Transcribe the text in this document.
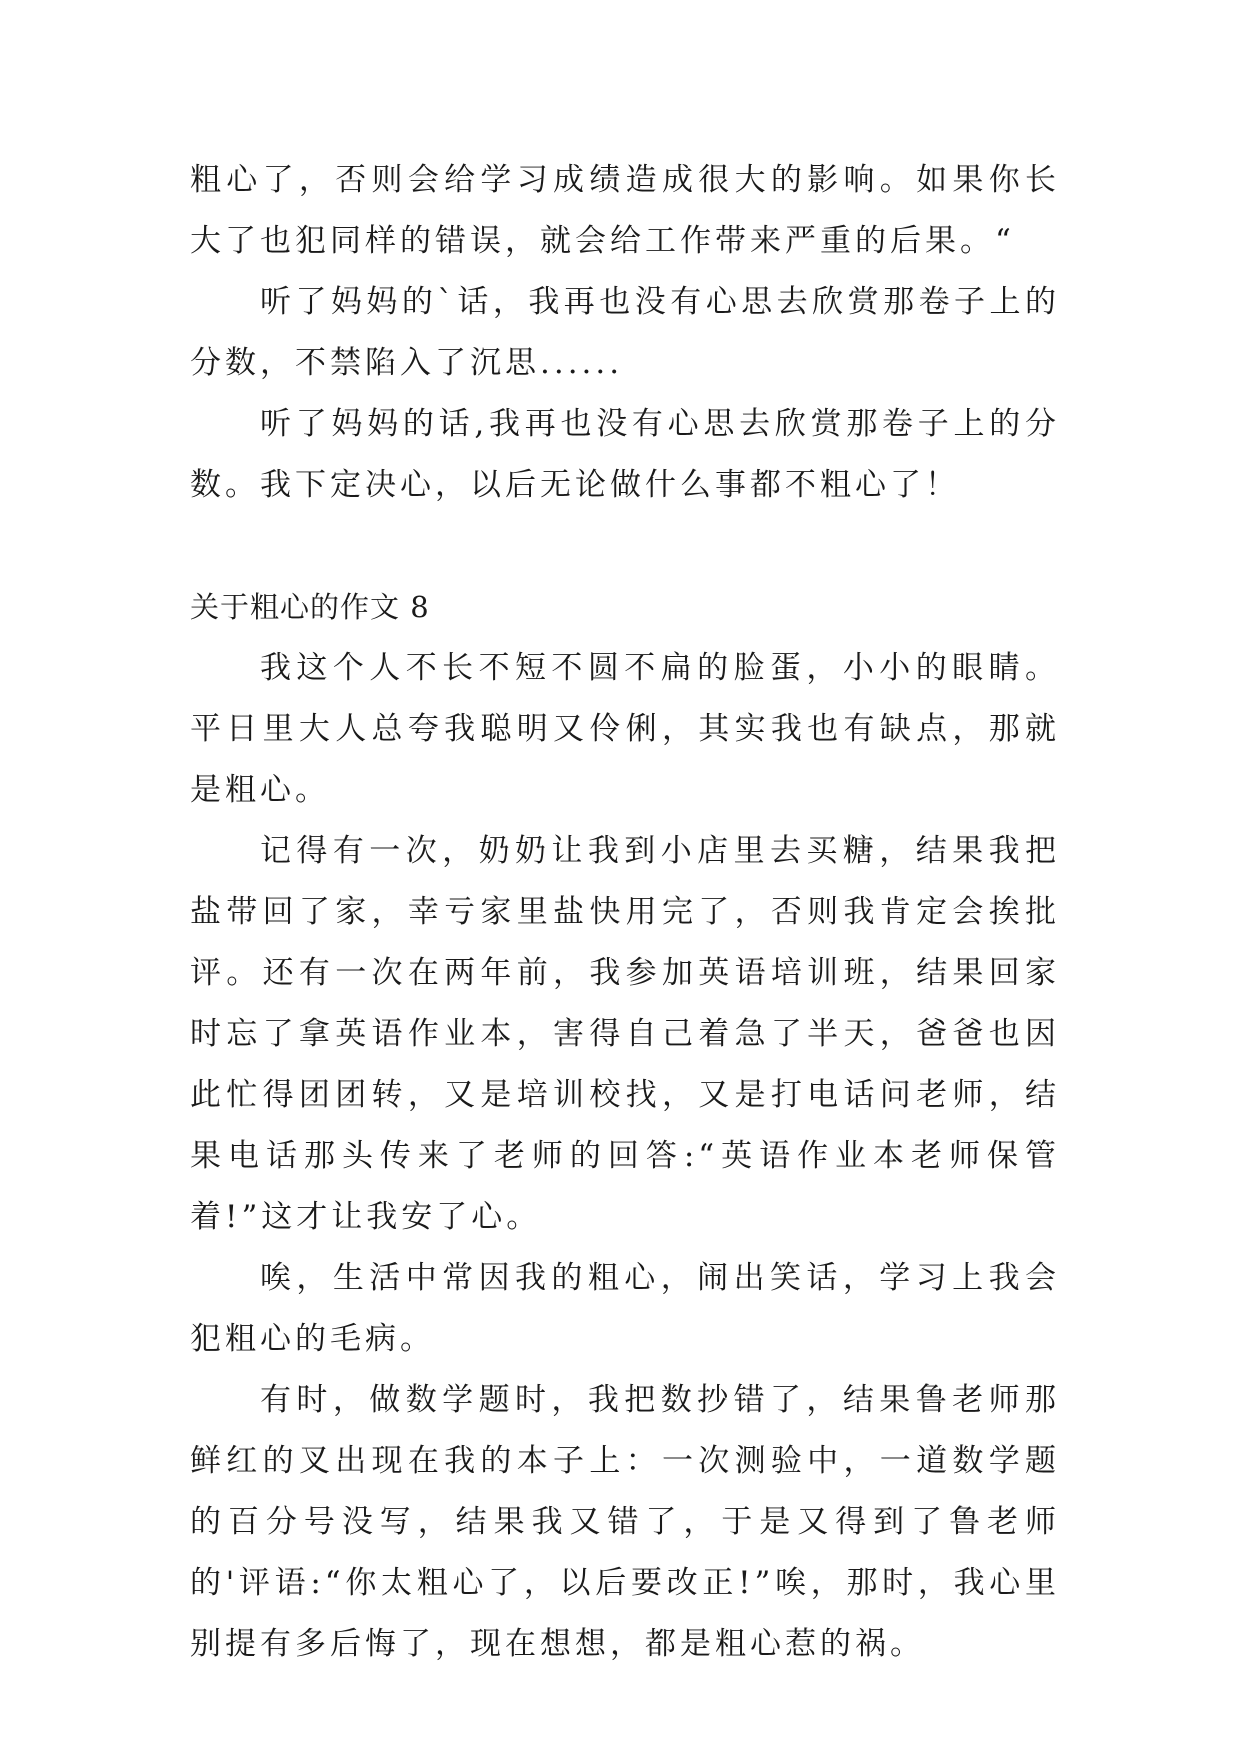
粗心了，否则会给学习成绩造成很大的影响。如果你长大了也犯同样的错误，就会给工作带来严重的后果。“

听了妈妈的`话，我再也没有心思去欣赏那卷子上的分数，不禁陷入了沉思......

听了妈妈的话,我再也没有心思去欣赏那卷子上的分数。我下定决心，以后无论做什么事都不粗心了！

关于粗心的作文 8

我这个人不长不短不圆不扁的脸蛋，小小的眼睛。平日里大人总夸我聪明又伶俐，其实我也有缺点，那就是粗心。

记得有一次，奶奶让我到小店里去买糖，结果我把盐带回了家，幸亏家里盐快用完了，否则我肯定会挨批评。还有一次在两年前，我参加英语培训班，结果回家时忘了拿英语作业本，害得自己着急了半天，爸爸也因此忙得团团转，又是培训校找，又是打电话问老师，结果电话那头传来了老师的回答:“英语作业本老师保管着!”这才让我安了心。

唉，生活中常因我的粗心，闹出笑话，学习上我会犯粗心的毛病。

有时，做数学题时，我把数抄错了，结果鲁老师那鲜红的叉出现在我的本子上：一次测验中，一道数学题的百分号没写，结果我又错了，于是又得到了鲁老师的'评语:“你太粗心了，以后要改正!”唉，那时，我心里别提有多后悔了，现在想想，都是粗心惹的祸。
